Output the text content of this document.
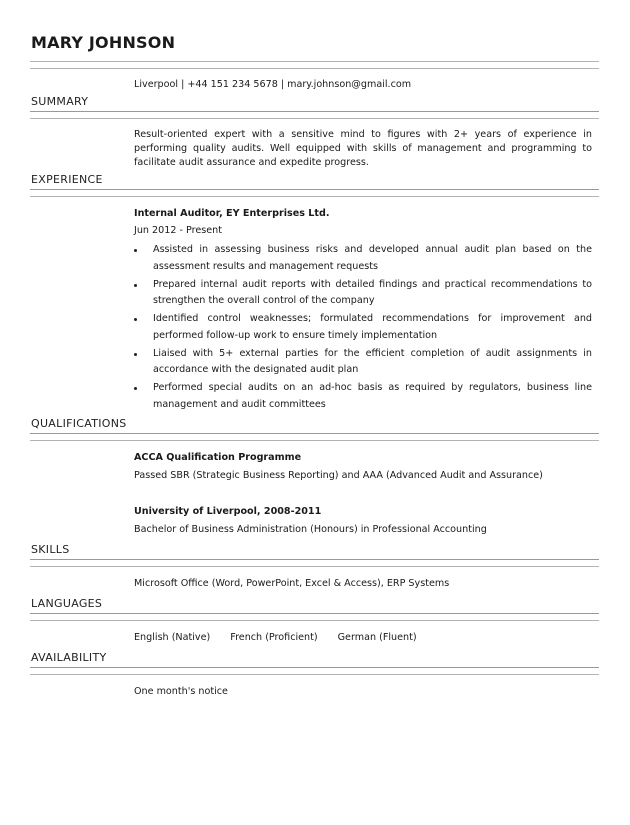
MARY JOHNSON
Liverpool | +44 151 234 5678 | mary.johnson@gmail.com
SUMMARY
Result-oriented expert with a sensitive mind to figures with 2+ years of experience in performing quality audits. Well equipped with skills of management and programming to facilitate audit assurance and expedite progress.
EXPERIENCE
Internal Auditor, EY Enterprises Ltd.
Jun 2012 - Present
Assisted in assessing business risks and developed annual audit plan based on the assessment results and management requests
Prepared internal audit reports with detailed findings and practical recommendations to strengthen the overall control of the company
Identified control weaknesses; formulated recommendations for improvement and performed follow-up work to ensure timely implementation
Liaised with 5+ external parties for the efficient completion of audit assignments in accordance with the designated audit plan
Performed special audits on an ad-hoc basis as required by regulators, business line management and audit committees
QUALIFICATIONS
ACCA Qualification Programme
Passed SBR (Strategic Business Reporting) and AAA (Advanced Audit and Assurance)
University of Liverpool, 2008-2011
Bachelor of Business Administration (Honours) in Professional Accounting
SKILLS
Microsoft Office (Word, PowerPoint, Excel & Access), ERP Systems
LANGUAGES
English (Native) French (Proficient) German (Fluent)
AVAILABILITY
One month's notice
